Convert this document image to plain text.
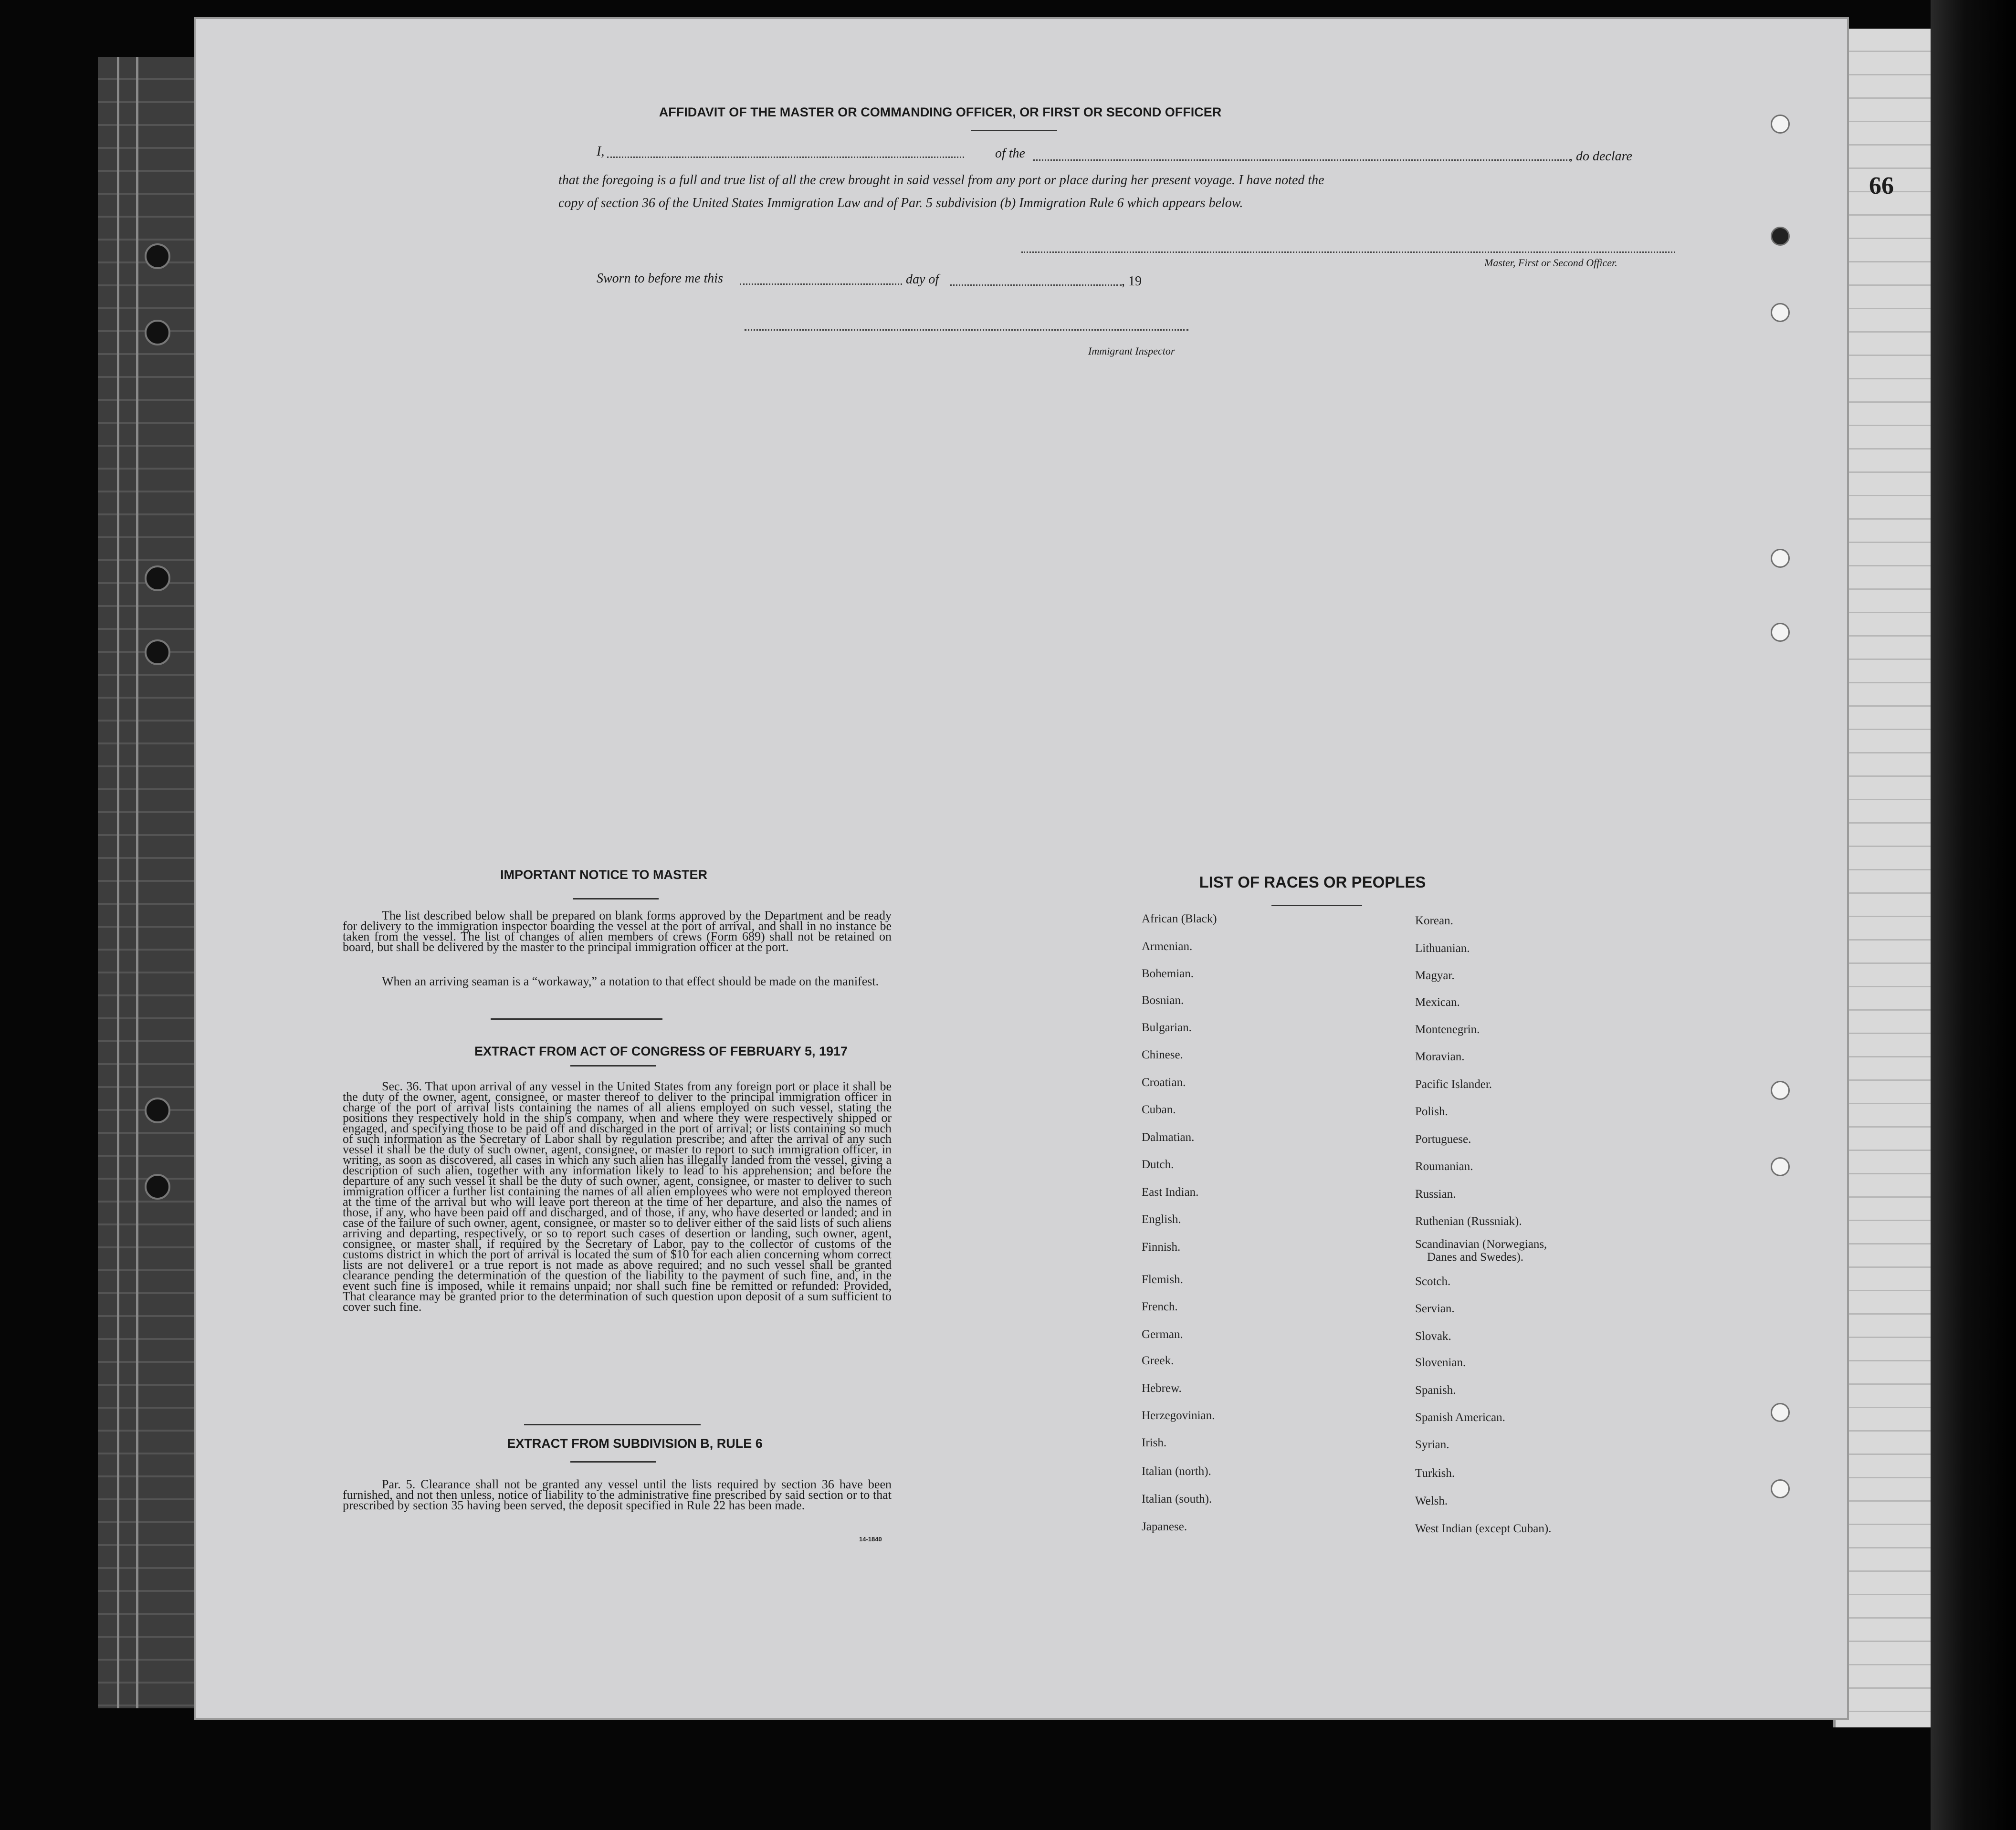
66
AFFIDAVIT OF THE MASTER OR COMMANDING OFFICER, OR FIRST OR SECOND OFFICER
I,	of the	, do declare
that the foregoing is a full and true list of all the crew brought in said vessel from any port or place during her present voyage. I have noted the
copy of section 36 of the United States Immigration Law and of Par. 5 subdivision (b) Immigration Rule 6 which appears below.
Master, First or Second Officer.
Sworn to before me this	day of	, 19
Immigrant Inspector
IMPORTANT NOTICE TO MASTER
The list described below shall be prepared on blank forms approved by the Department and be ready for delivery to the immigration inspector boarding the vessel at the port of arrival, and shall in no instance be taken from the vessel. The list of changes of alien members of crews (Form 689) shall not be retained on board, but shall be delivered by the master to the principal immigration officer at the port.
When an arriving seaman is a “workaway,” a notation to that effect should be made on the manifest.
EXTRACT FROM ACT OF CONGRESS OF FEBRUARY 5, 1917
Sec. 36. That upon arrival of any vessel in the United States from any foreign port or place it shall be the duty of the owner, agent, consignee, or master thereof to deliver to the principal immigration officer in charge of the port of arrival lists containing the names of all aliens employed on such vessel, stating the positions they respectively hold in the ship's company, when and where they were respectively shipped or engaged, and specifying those to be paid off and discharged in the port of arrival; or lists containing so much of such information as the Secretary of Labor shall by regulation prescribe; and after the arrival of any such vessel it shall be the duty of such owner, agent, consignee, or master to report to such immigration officer, in writing, as soon as discovered, all cases in which any such alien has illegally landed from the vessel, giving a description of such alien, together with any information likely to lead to his apprehension; and before the departure of any such vessel it shall be the duty of such owner, agent, consignee, or master to deliver to such immigration officer a further list containing the names of all alien employees who were not employed thereon at the time of the arrival but who will leave port thereon at the time of her departure, and also the names of those, if any, who have been paid off and discharged, and of those, if any, who have deserted or landed; and in case of the failure of such owner, agent, consignee, or master so to deliver either of the said lists of such aliens arriving and departing, respectively, or so to report such cases of desertion or landing, such owner, agent, consignee, or master shall, if required by the Secretary of Labor, pay to the collector of customs of the customs district in which the port of arrival is located the sum of $10 for each alien concerning whom correct lists are not delivere1 or a true report is not made as above required; and no such vessel shall be granted clearance pending the determination of the question of the liability to the payment of such fine, and, in the event such fine is imposed, while it remains unpaid; nor shall such fine be remitted or refunded: Provided, That clearance may be granted prior to the determination of such question upon deposit of a sum sufficient to cover such fine.
EXTRACT FROM SUBDIVISION B, RULE 6
Par. 5. Clearance shall not be granted any vessel until the lists required by section 36 have been furnished, and not then unless, notice of liability to the administrative fine prescribed by said section or to that prescribed by section 35 having been served, the deposit specified in Rule 22 has been made.
14-1840
LIST OF RACES OR PEOPLES
African (Black)
Armenian.
Bohemian.
Bosnian.
Bulgarian.
Chinese.
Croatian.
Cuban.
Dalmatian.
Dutch.
East Indian.
English.
Finnish.
Flemish.
French.
German.
Greek.
Hebrew.
Herzegovinian.
Irish.
Italian (north).
Italian (south).
Japanese.
Korean.
Lithuanian.
Magyar.
Mexican.
Montenegrin.
Moravian.
Pacific Islander.
Polish.
Portuguese.
Roumanian.
Russian.
Ruthenian (Russniak).
Scandinavian (Norwegians,
Danes and Swedes).
Scotch.
Servian.
Slovak.
Slovenian.
Spanish.
Spanish American.
Syrian.
Turkish.
Welsh.
West Indian (except Cuban).
